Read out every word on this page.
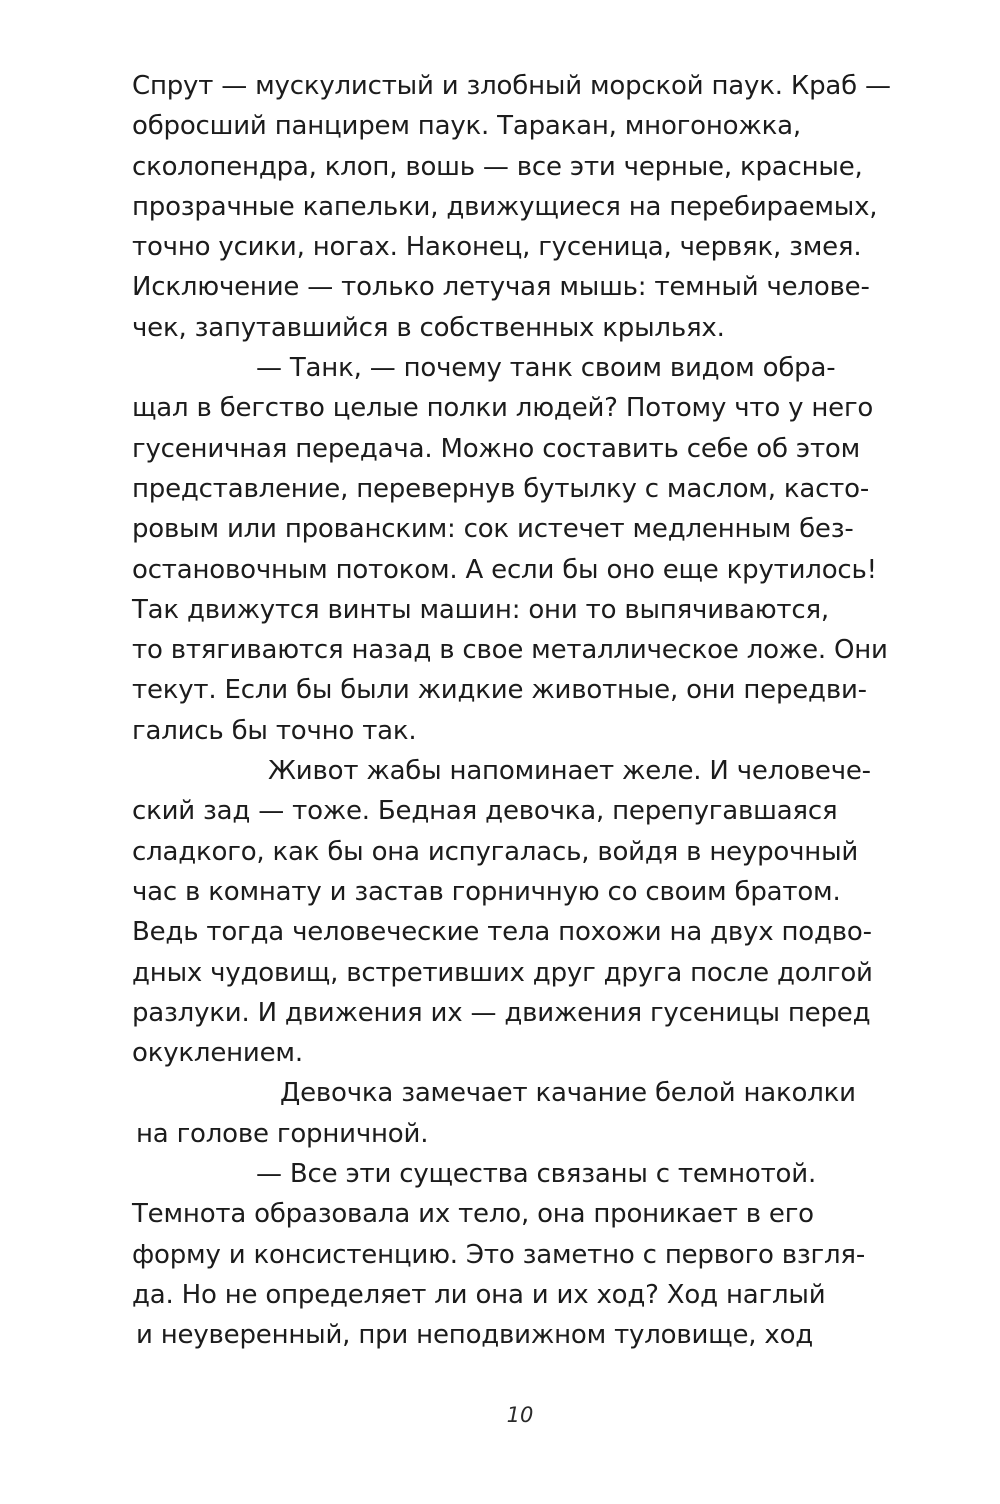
Спрут — мускулистый и злобный морской паук. Краб —
обросший панцирем паук. Таракан, многоножка,
сколопендра, клоп, вошь — все эти черные, красные,
прозрачные капельки, движущиеся на перебираемых,
точно усики, ногах. Наконец, гусеница, червяк, змея.
Исключение — только летучая мышь: темный челове-
чек, запутавшийся в собственных крыльях.
— Танк, — почему танк своим видом обра-
щал в бегство целые полки людей? Потому что у него
гусеничная передача. Можно составить себе об этом
представление, перевернув бутылку с маслом, касто-
ровым или прованским: сок истечет медленным без-
остановочным потоком. А если бы оно еще крутилось!
Так движутся винты машин: они то выпячиваются,
то втягиваются назад в свое металлическое ложе. Они
текут. Если бы были жидкие животные, они передви-
гались бы точно так.
Живот жабы напоминает желе. И человече-
ский зад — тоже. Бедная девочка, перепугавшаяся
сладкого, как бы она испугалась, войдя в неурочный
час в комнату и застав горничную со своим братом.
Ведь тогда человеческие тела похожи на двух подво-
дных чудовищ, встретивших друг друга после долгой
разлуки. И движения их — движения гусеницы перед
окуклением.
Девочка замечает качание белой наколки
на голове горничной.
— Все эти существа связаны с темнотой.
Темнота образовала их тело, она проникает в его
форму и консистенцию. Это заметно с первого взгля-
да. Но не определяет ли она и их ход? Ход наглый
и неуверенный, при неподвижном туловище, ход
10
